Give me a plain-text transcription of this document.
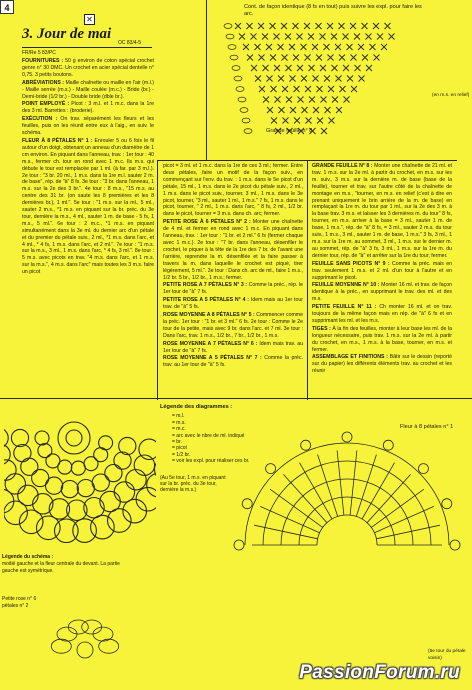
4
✕
3. Jour de mai
OC 83/4-5
FR/Re 5 83/PC

FOURNITURES : 50 g environ de coton spécial crochet genre n° 30 DMC. Un crochet en acier spécial dentelle n° 0,75. 3 petits boutons.

ABRÉVIATIONS : Maille chaînette ou maille en l'air (m.l.) - Maille serrée (m.s.) - Maille coulée (m.c.) - Bride (br.) - Demi-bride (1/2 br.) - Double bride (dble br.).

POINT EMPLOYÉ : Picot : 3 m.l. et 1 m.c. dans la 1re des 3 ml. Barrettes : (broderie).

EXÉCUTION : On trav. séparément les fleurs et les feuilles, puis on les réunit entre eux à l'aig., en suiv. le schéma.

FLEUR À 8 PÉTALES N° 1 : Enrouler 5 ou 6 fois le fil autour d'un doigt, obtenant un anneau d'un diamètre de 1 cm environ. En piquant dans l'anneau, trav. : 1er tour : 40 m.s., fermer ch. tour en rond avec 1 m.c. Ils m.s. qui débute le tour est remplacée par 1 ml. (à far. par 3 m.l.). 2e tour : "3 br. 20 ml., 1 m.s. dans la 1re m.l. sauter 2 m. de base", rép. de "à" 8 fs. 3e tour : "3 br. dans l'anneau, 1 m.s. sur la 2e des 3 br.". 4e tour : 8 m.s., "15 m.s. au centre des 31 br. (on saute les 8 premières et les 8 dernières br.), 1 ml.". 5e tour : "1 m.s. sur la ml., 5 ml., sauter 2 m.s., *1 m.s. en piquant sur la br. préc. du 3e tour, dernière la m.s., 4 ml., sauter 1 m. de base - 5 fs, 1 m.s., 5 ml.". 6e tour : 2 m.c., *1 m.s. en piquant simultanément dans la 3e ml. du dernier arc d'un pétale et du premier du pétale suiv., 2 ml., *1 m.s. dans l'arc, et 4 ml., * 4 fs, 1 m.s. dans l'arc, et 2 ml.". 7e tour : "1 m.s. sur la m.s., 3 ml., 1 m.s. dans l'arc, * 4 fs, 3 ml.". 8e tour : 5 m.s. avec picots en trav. "4 m.s. dans l'arc, et 1 m.s. sur la m.s.", 4 m.s. dans l'arc" mais toutes les 3 m.s. faire un picot

picot = 3 ml. et 1 m.c. dans la 1re de ces 3 ml.; fermer. Entre deux pétales, faire un motif de la façon suiv., en commençant sur l'env. du trav. : 1 m.s. dans le 5e picot d'un pétale, 15 ml., 1 m.s. dans le 2e picot du pétale suiv., 2 ml., 1 m.s. dans le picot suiv., tourner, 3 ml., 1 m.s. dans le 3e picot, tourner, "3 ml., sauter 1 ml., 1 m.s." 7 fs, 1 m.s. dans le picot, tourner, " 2 ml., 1 m.s. dans l'arc, " 8 fs, 2 ml., 1/2 br. dans le picot, tourner = 3 m.s. dans ch. arc; fermer.

PETITE ROSE À 6 PÉTALES N° 2 : Monter une chaînette de 4 ml. et fermer en rond avec 1 m.c. En piquant dans l'anneau, trav. : 1er tour : "1 br. et 2 ml." 6 fs (fermer chaque avec 1 m.c.). 2e tour : "7 br. dans l'anneau, désenfiler le crochet, le piquer à la tête de la 1re des 7 br. de l'avant une l'arrière, reprendre la m. désenfilée et la faire passer à travers la m. dans laquelle le crochet est piqué, tirer légèrement, 5 ml.". 3e tour : Dans ch. arc de ml., faire 1 m.s., 1/2 br. 5 br., 1/2 br., 1 m.s.; fermer.

PETITE ROSE A 7 PÉTALES N° 3 : Comme la préc., rép. le 1er tour de "à" 7 fs.

PETITE ROSE A 5 PÉTALES N° 4 : Idem mais au 1er tour trav. de "à" 5 fs.

ROSE MOYENNE A 8 PÉTALES N° 5 : Commencer comme la préc. 1er tour : "1 br. et 3 ml." 6 fs. 2e tour : Comme le 2e tour de la petite, mais avec 9 br. dans l'arc. et 7 ml. 3e tour : Dans l'arc, trav. 1 m.s., 1/2 br., 7 br., 1/2 br., 1 m.s.

ROSE MOYENNE A 7 PÉTALES N° 6 : Idem mais trav. au 1er tour de "à" 7 fs.

ROSE MOYENNE A 5 PÉTALES N° 7 : Comme la préc. trav. au 1er tour de "à" 5 fs.

GRANDE FEUILLE N° 8 : Monter une chaînette de 21 ml. et trav. 1 m.s. sur la 2e ml. à partir du crochet, en m.s. sur les m. suiv., 3 m.s. sur la dernière m. de base (base de la feuille), tourner et trav. sur l'autre côté de la chaînette de montage en m.s., "tourner, en m.s. en relief (c'est à dire en prenant uniquement le brin arrière de la m. de base) en remplaçant la 1re m. du tour par 1 ml., sur la 2e des 3 m. à la base trav. 3 m.s. et laisser les 3 dernières m. du tour" 8 fs, tourner, en m.s. arriver à la base = 3 ml., sauter 1 m. de base, 1 m.s.", rép. de "à" 8 fs, = 3 ml., sauter 2 m.s. du tour suiv., 1 m.s., 3 ml., sauter 1 m. de base, 1 m.s." 3 fs, 3 ml., 1 m.s. sur la 1re m. au sommet, 3 ml., 1 m.s. sur le dernier m. au sommet, rép. de "à" 3 fs, 3 ml., 1 m.s. sur la 1re m. du dernier tour, rép. de "à" et arrêter sur la 1re du tour; fermer.

FEUILLE SANS PICOTS N° 9 : Comme la préc. mais en trav. seulement 1 m.s. et 2 ml. d'un tour à l'autre et en supprimant le picot.

FEUILLE MOYENNE N° 10 : Monter 16 ml. et trav. de façon identique à la préc., en supprimant le trav. des ml. et des m.s.

PETITE FEUILLE N° 11 : Ch monter 16 ml. et on trav. toujours de la même façon mais en rép. de "à" 6 fs et en supprimant les ml. et les m.s.

TIGES : À la fin des feuilles, monter à leur base les ml. de la longueur nécessaire, puis trav. 1 m.s. sur la 2e ml. à partir du crochet, en m.s., 1 m.s. à la base, tourner, en m.s. et fermer.

ASSEMBLAGE ET FINITIONS : Bâtir sur le dessin (reporté sur du papier) les différents éléments trav. au crochet et les réunir

Cont. de façon identique (8 fs en tout) puis suivre les expl. pour faire les arc.
(en m.s. en relief)
Grande feuille n° 8
Légende des diagrammes :
= m.l.
= m.s.
= m.c.
= arc avec le nbre de ml. indiqué
= br.
= picot
= 1/2 br.
= voir les expl. pour réaliser ces br.
(Au 5e tour, 1 m.s. en piquant sur la br. préc. du 3e tour, dernière la m.s.)
Fleur à 8 pétales n° 1
Légende du schéma :
moitié gauche et la fleur centrale du devant. La partie gauche est symétrique.
Petite rose n° 6 pétales n° 2
(5e tour du pétale voisin)
PassionForum.ru
